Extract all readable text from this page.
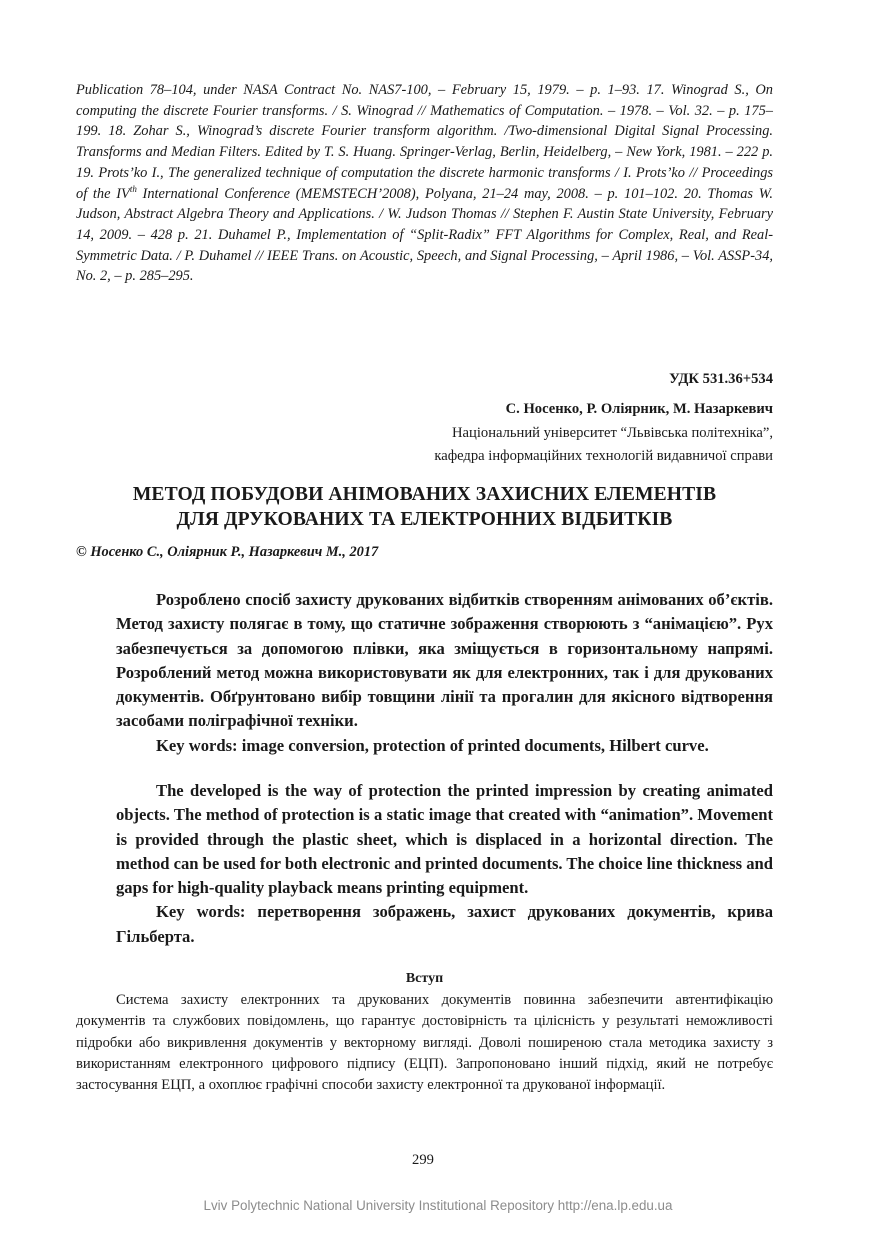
Publication 78–104, under NASA Contract No. NAS7-100, – February 15, 1979. – p. 1–93. 17. Winograd S., On computing the discrete Fourier transforms. / S. Winograd // Mathematics of Computation. – 1978. – Vol. 32. – p. 175–199. 18. Zohar S., Winograd’s discrete Fourier transform algorithm. /Two-dimensional Digital Signal Processing. Transforms and Median Filters. Edited by T. S. Huang. Springer-Verlag, Berlin, Heidelberg, – New York, 1981. – 222 p. 19. Prots’ko I., The generalized technique of computation the discrete harmonic transforms / I. Prots’ko // Proceedings of the IVth International Conference (MEMSTECH’2008), Polyana, 21–24 may, 2008. – p. 101–102. 20. Thomas W. Judson, Abstract Algebra Theory and Applications. / W. Judson Thomas // Stephen F. Austin State University, February 14, 2009. – 428 p. 21. Duhamel P., Implementation of “Split-Radix” FFT Algorithms for Complex, Real, and Real-Symmetric Data. / P. Duhamel // IEEE Trans. on Acoustic, Speech, and Signal Processing, – April 1986, – Vol. ASSP-34, No. 2, – p. 285–295.

УДК 531.36+534
С. Носенко, Р. Оліярник, М. Назаркевич
Національний університет “Львівська політехніка”,
кафедра інформаційних технологій видавничої справи
МЕТОД ПОБУДОВИ АНІМОВАНИХ ЗАХИСНИХ ЕЛЕМЕНТІВ
ДЛЯ ДРУКОВАНИХ ТА ЕЛЕКТРОННИХ ВІДБИТКІВ
© Носенко С., Оліярник Р., Назаркевич М., 2017
Розроблено спосіб захисту друкованих відбитків створенням анімованих об’єктів. Метод захисту полягає в тому, що статичне зображення створюють з “анімацією”. Рух забезпечується за допомогою плівки, яка зміщується в горизонтальному напрямі. Розроблений метод можна використовувати як для електронних, так і для друкованих документів. Обґрунтовано вибір товщини лінії та прогалин для якісного відтворення засобами поліграфічної техніки.
Key words: image conversion, protection of printed documents, Hilbert curve.
The developed is the way of protection the printed impression by creating animated objects. The method of protection is a static image that created with “animation”. Movement is provided through the plastic sheet, which is displaced in a horizontal direction. The method can be used for both electronic and printed documents. The choice line thickness and gaps for high-quality playback means printing equipment.
Key words: перетворення зображень, захист друкованих документів, крива Гільберта.
Вступ

Система захисту електронних та друкованих документів повинна забезпечити автентифікацію документів та службових повідомлень, що гарантує достовірність та цілісність у результаті неможливості підробки або викривлення документів у векторному вигляді. Доволі поширеною стала методика захисту з використанням електронного цифрового підпису (ЕЦП). Запропоновано інший підхід, який не потребує застосування ЕЦП, а охоплює графічні способи захисту електронної та друкованої інформації.

299
Lviv Polytechnic National University Institutional Repository http://ena.lp.edu.ua
